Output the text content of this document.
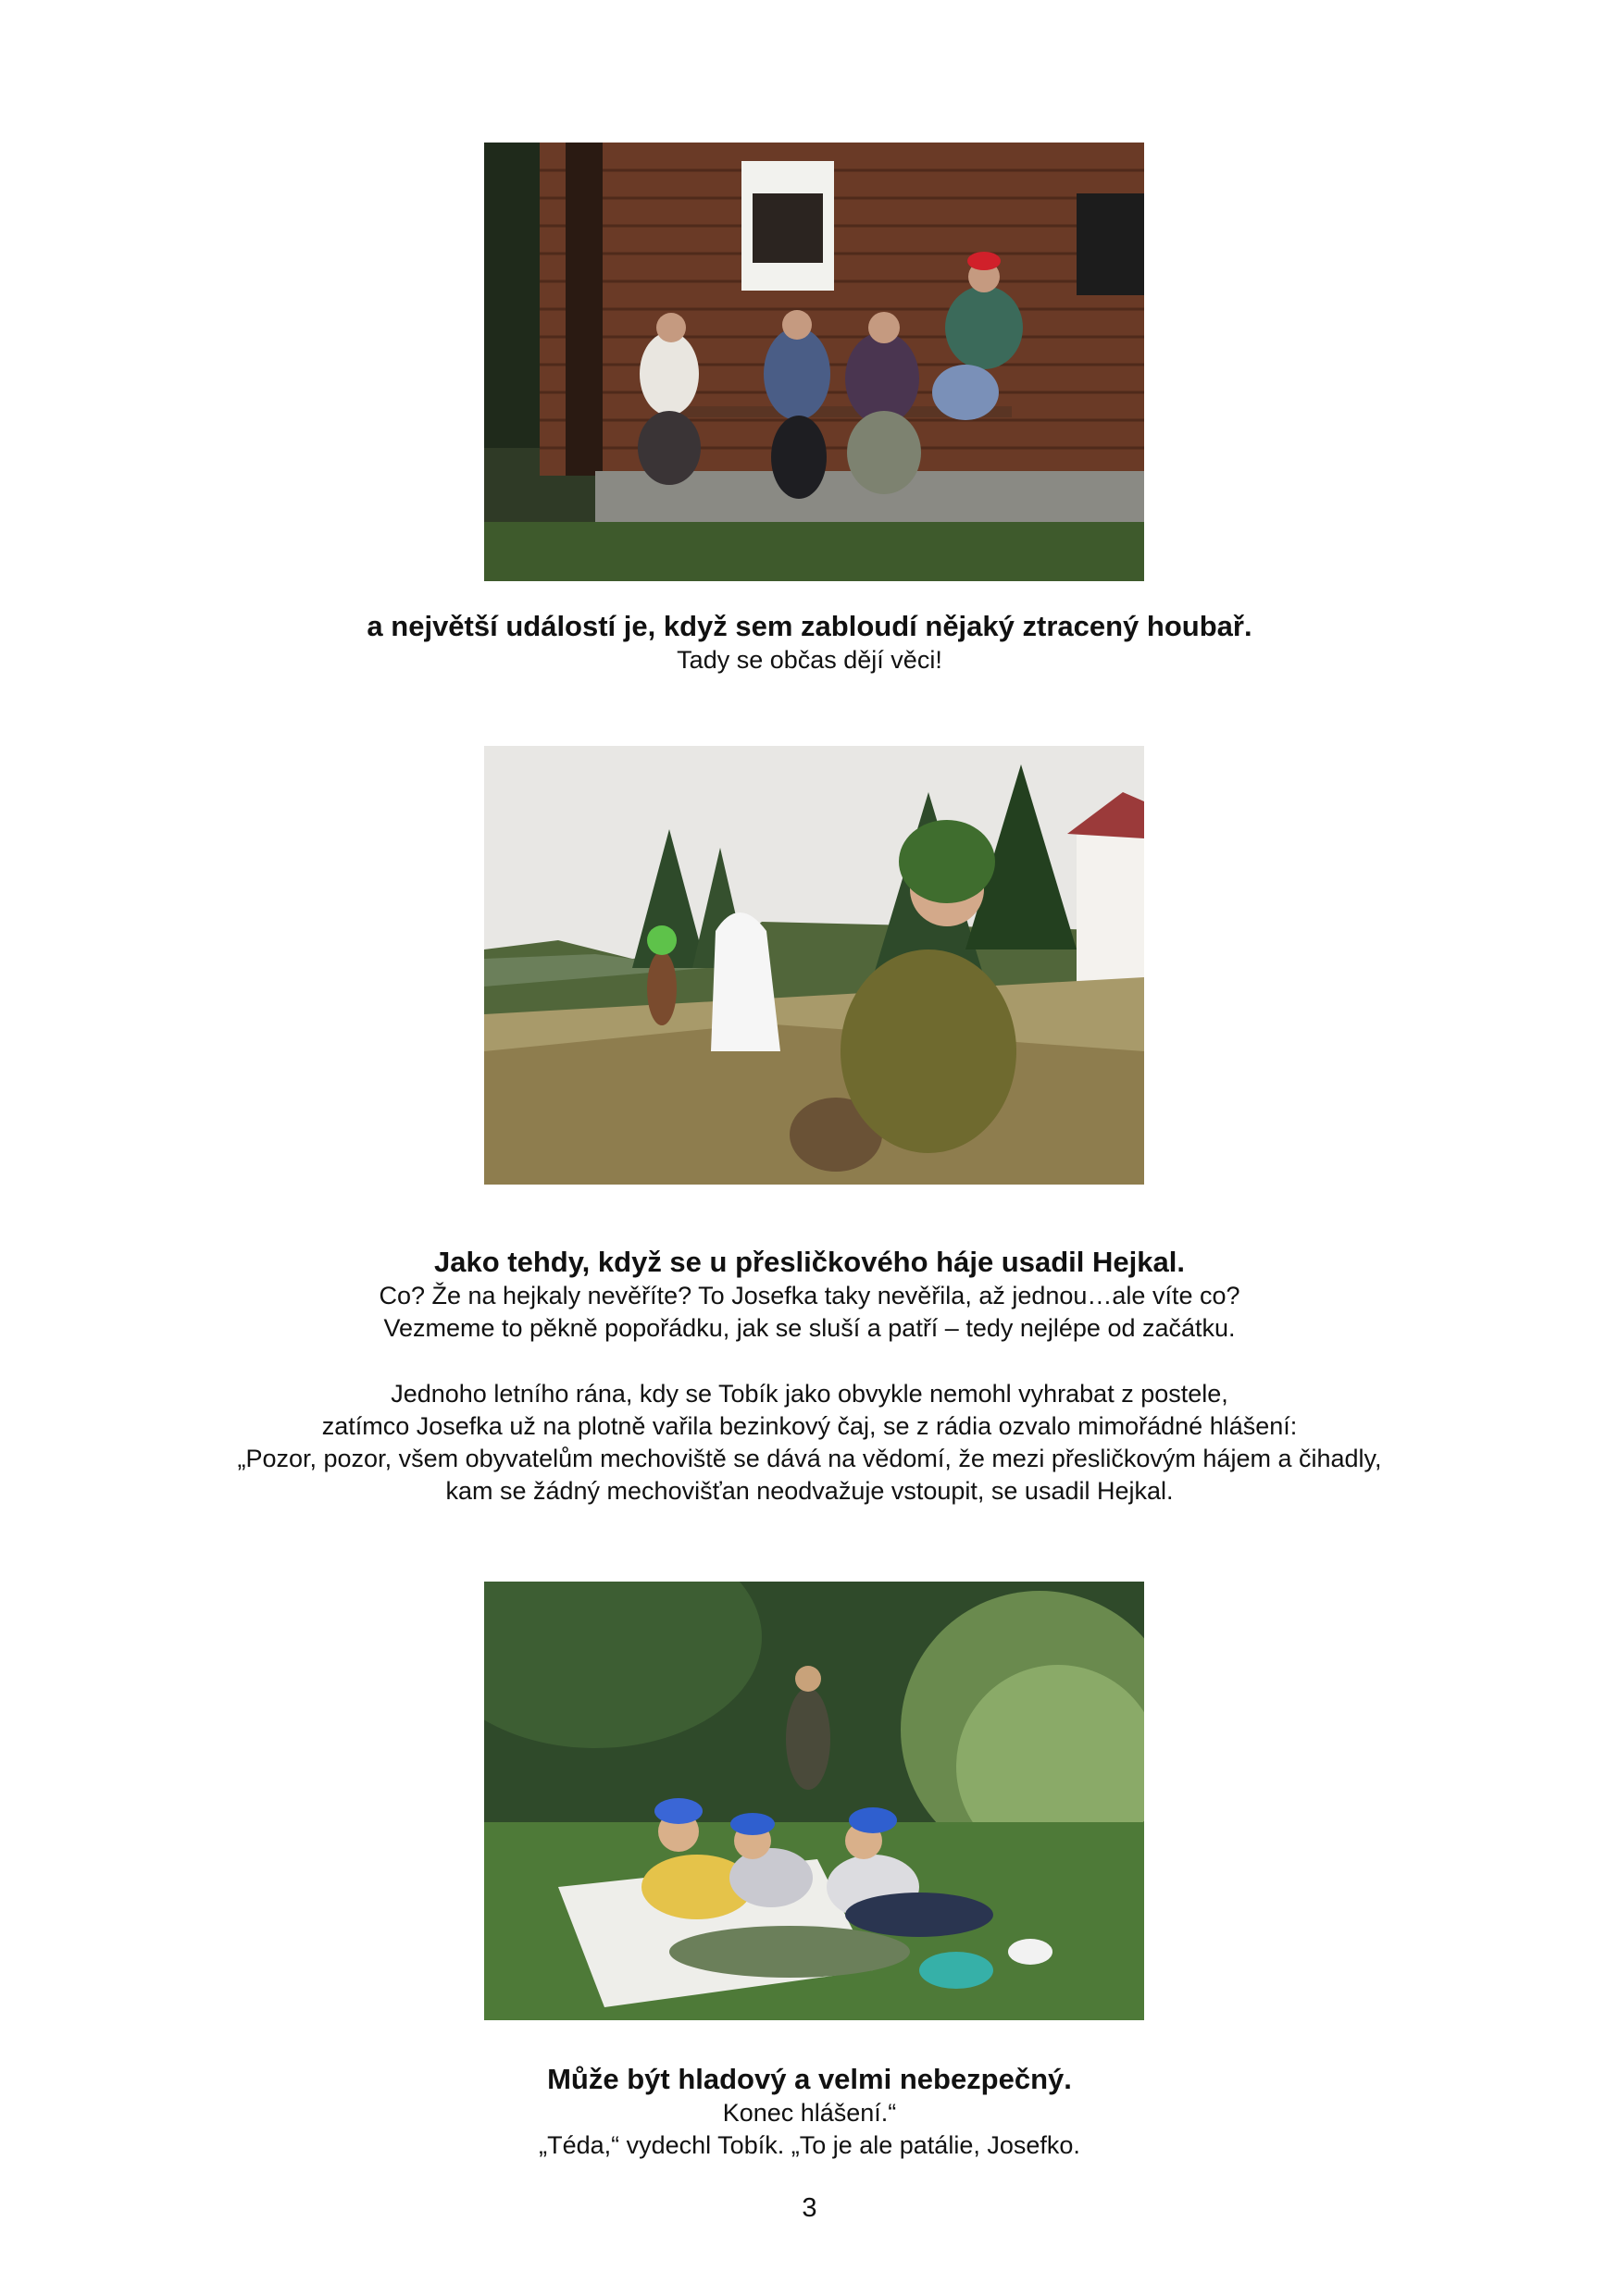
a největší událostí je, když sem zabloudí nějaký ztracený houbař.

Tady se občas dějí věci!

Jako tehdy, když se u přesličkového háje usadil Hejkal.

Co? Že na hejkaly nevěříte? To Josefka taky nevěřila, až jednou…ale víte co?

Vezmeme to pěkně popořádku, jak se sluší a patří – tedy nejlépe od začátku.

Jednoho letního rána, kdy se Tobík jako obvykle nemohl vyhrabat z postele,

zatímco Josefka už na plotně vařila bezinkový čaj, se z rádia ozvalo mimořádné hlášení:

„Pozor, pozor, všem obyvatelům mechoviště se dává na vědomí, že mezi přesličkovým hájem a čihadly,

kam se žádný mechovišťan neodvažuje vstoupit, se usadil Hejkal.

Může být hladový a velmi nebezpečný.

Konec hlášení.“

„Téda,“ vydechl Tobík. „To je ale patálie, Josefko.

3
